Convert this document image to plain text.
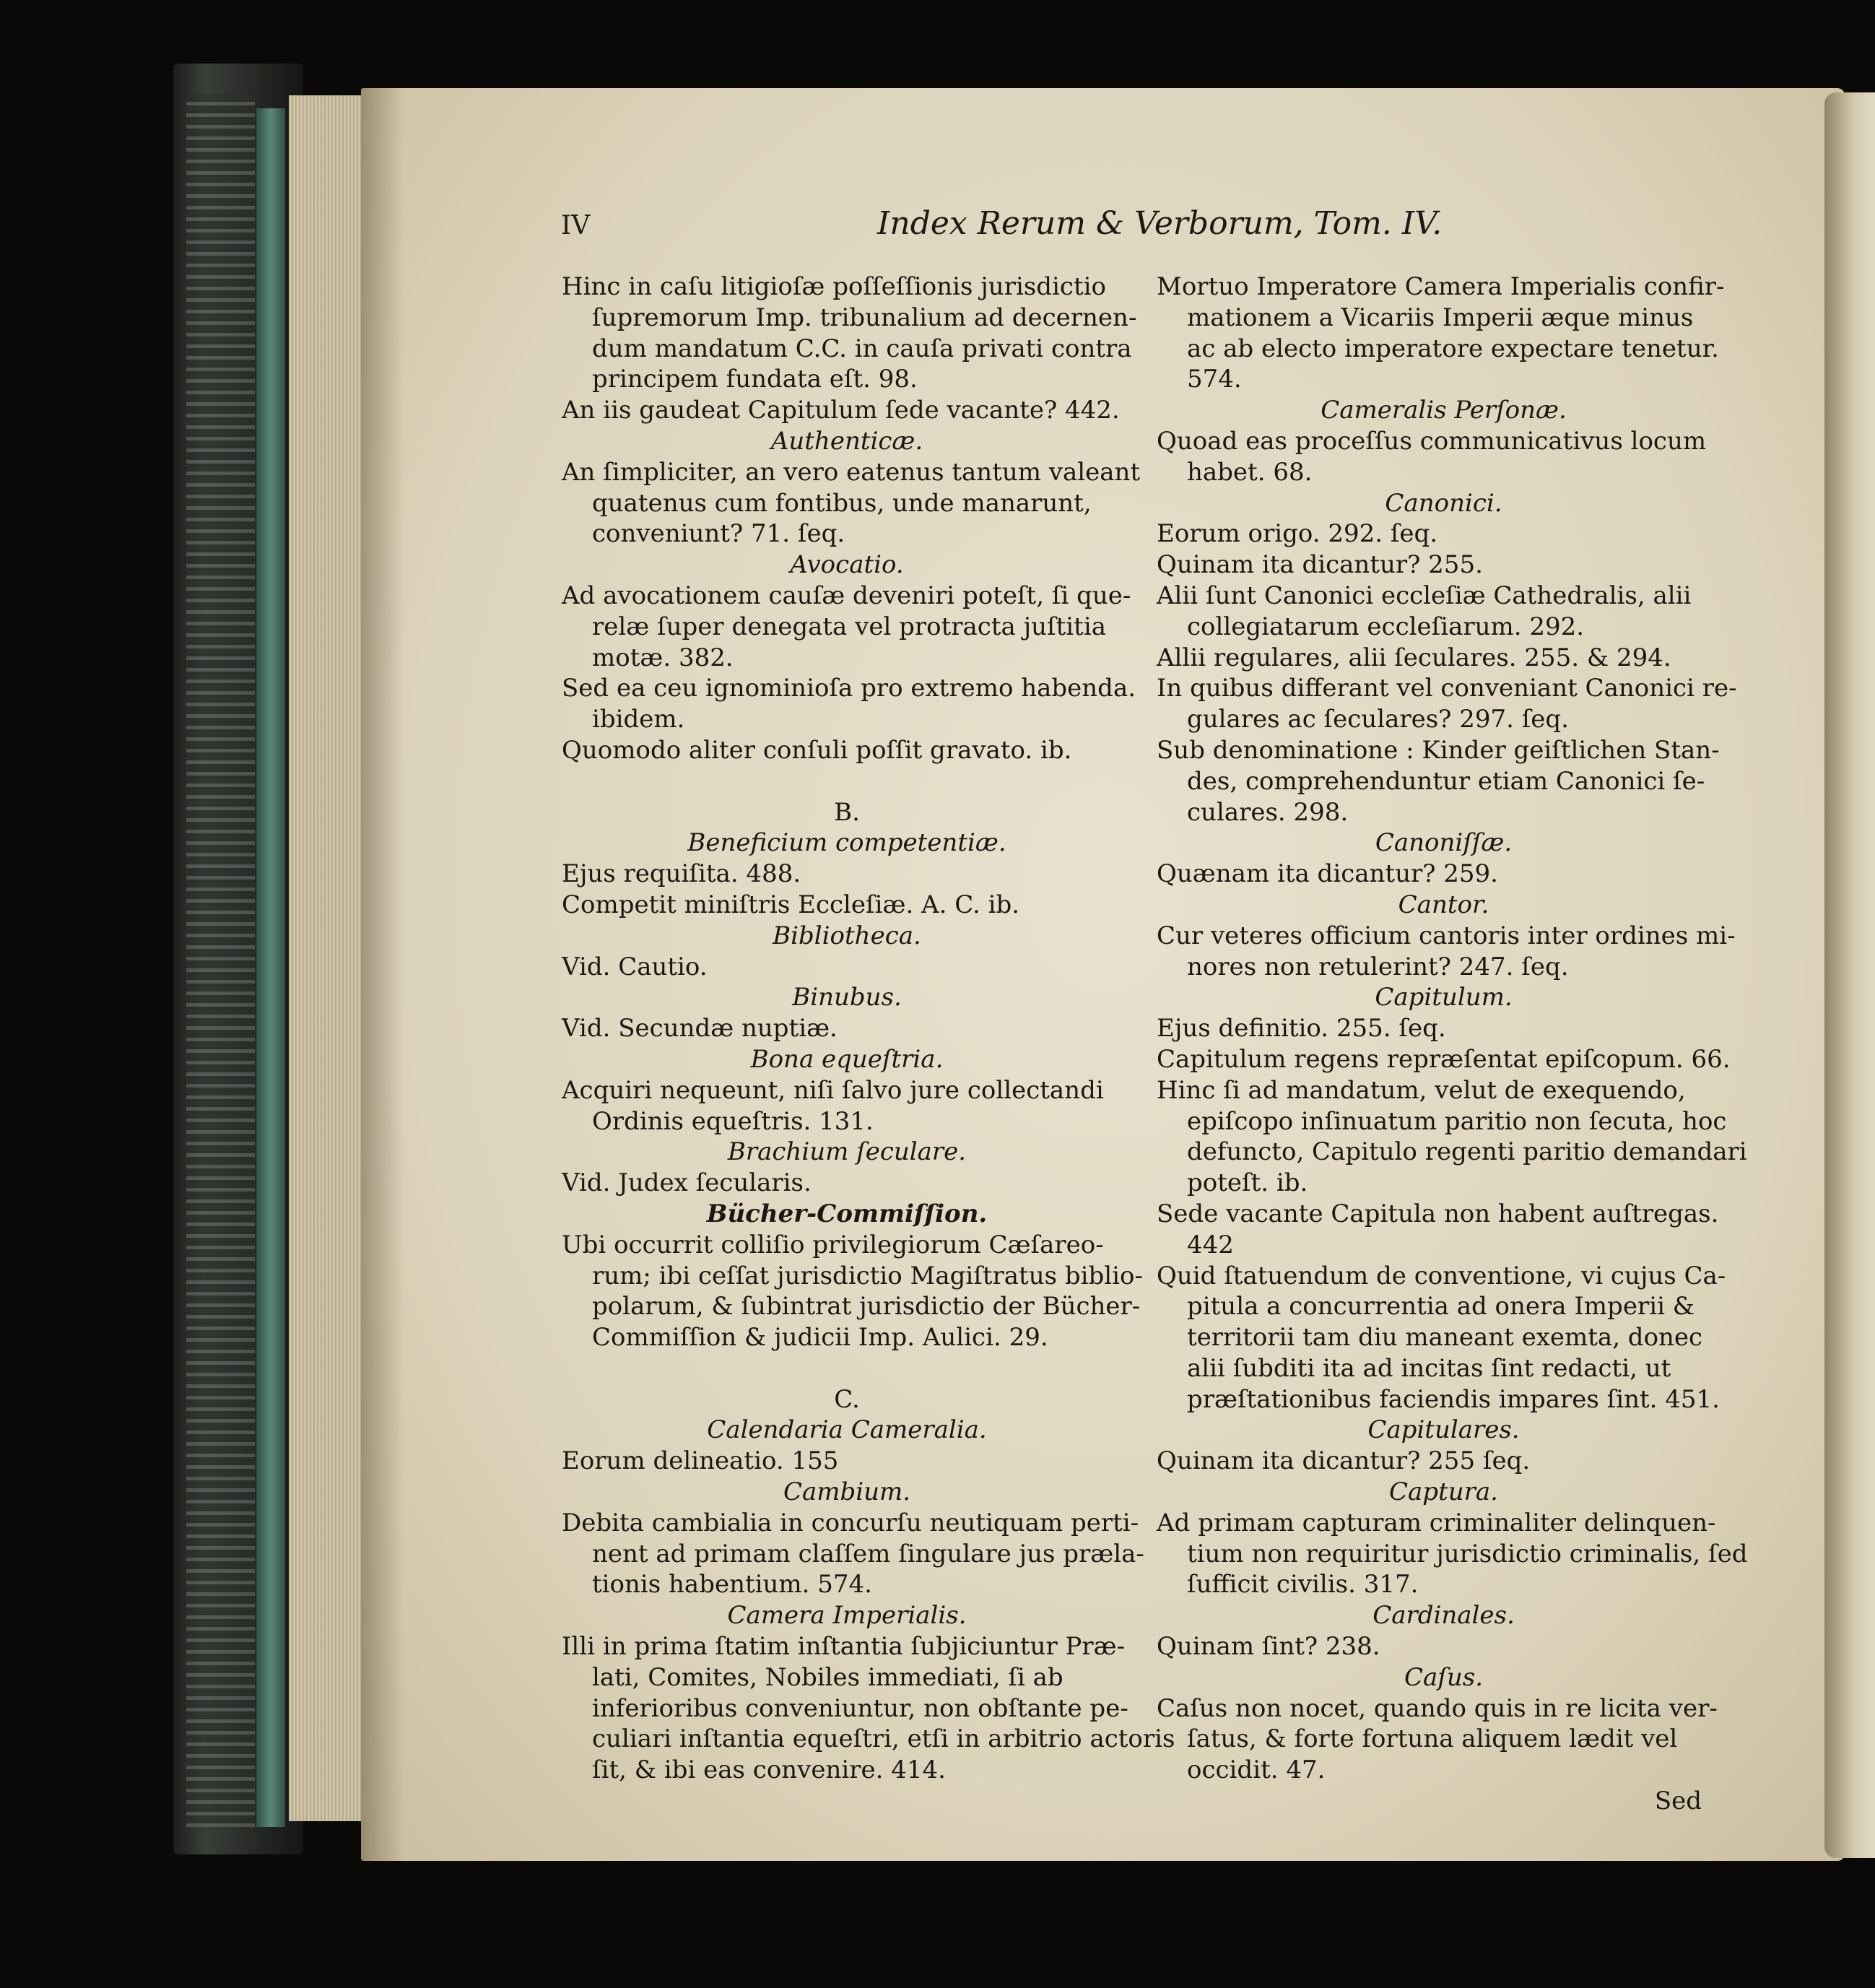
IV	Index Rerum & Verborum, Tom. IV.
Hinc in caſu litigioſæ poſſeſſionis jurisdictio
ſupremorum Imp. tribunalium ad decernen-
dum mandatum C.C. in cauſa privati contra
principem fundata eſt. 98.
An iis gaudeat Capitulum ſede vacante? 442.
Authenticæ.
An ſimpliciter, an vero eatenus tantum valeant
quatenus cum fontibus, unde manarunt,
conveniunt? 71. ſeq.
Avocatio.
Ad avocationem cauſæ deveniri poteſt, ſi que-
relæ ſuper denegata vel protracta juſtitia
motæ. 382.
Sed ea ceu ignominioſa pro extremo habenda.
ibidem.
Quomodo aliter conſuli poſſit gravato. ib.
B.
Beneficium competentiæ.
Ejus requiſita. 488.
Competit miniſtris Eccleſiæ. A. C. ib.
Bibliotheca.
Vid. Cautio.
Binubus.
Vid. Secundæ nuptiæ.
Bona equeſtria.
Acquiri nequeunt, niſi ſalvo jure collectandi
Ordinis equeſtris. 131.
Brachium ſeculare.
Vid. Judex ſecularis.
Bücher-Commiſſion.
Ubi occurrit colliſio privilegiorum Cæſareo-
rum; ibi ceſſat jurisdictio Magiſtratus biblio-
polarum, & ſubintrat jurisdictio der Bücher-
Commiſſion & judicii Imp. Aulici. 29.
C.
Calendaria Cameralia.
Eorum delineatio. 155
Cambium.
Debita cambialia in concurſu neutiquam perti-
nent ad primam claſſem ſingulare jus præla-
tionis habentium. 574.
Camera Imperialis.
Illi in prima ſtatim inſtantia ſubjiciuntur Præ-
lati, Comites, Nobiles immediati, ſi ab
inferioribus conveniuntur, non obſtante pe-
culiari inſtantia equeſtri, etſi in arbitrio actoris
ſit, & ibi eas convenire. 414.
Mortuo Imperatore Camera Imperialis confir-
mationem a Vicariis Imperii æque minus
ac ab electo imperatore expectare tenetur.
574.
Cameralis Perſonæ.
Quoad eas proceſſus communicativus locum
habet. 68.
Canonici.
Eorum origo. 292. ſeq.
Quinam ita dicantur? 255.
Alii ſunt Canonici eccleſiæ Cathedralis, alii
collegiatarum eccleſiarum. 292.
Allii regulares, alii ſeculares. 255. & 294.
In quibus differant vel conveniant Canonici re-
gulares ac ſeculares? 297. ſeq.
Sub denominatione : Kinder geiſtlichen Stan-
des, comprehenduntur etiam Canonici ſe-
culares. 298.
Canoniſſæ.
Quænam ita dicantur? 259.
Cantor.
Cur veteres officium cantoris inter ordines mi-
nores non retulerint? 247. ſeq.
Capitulum.
Ejus definitio. 255. ſeq.
Capitulum regens repræſentat epiſcopum. 66.
Hinc ſi ad mandatum, velut de exequendo,
epiſcopo inſinuatum paritio non ſecuta, hoc
defuncto, Capitulo regenti paritio demandari
poteſt. ib.
Sede vacante Capitula non habent auſtregas.
442
Quid ſtatuendum de conventione, vi cujus Ca-
pitula a concurrentia ad onera Imperii &
territorii tam diu maneant exemta, donec
alii ſubditi ita ad incitas ſint redacti, ut
præſtationibus faciendis impares ſint. 451.
Capitulares.
Quinam ita dicantur? 255 ſeq.
Captura.
Ad primam capturam criminaliter delinquen-
tium non requiritur jurisdictio criminalis, ſed
ſufficit civilis. 317.
Cardinales.
Quinam ſint? 238.
Caſus.
Caſus non nocet, quando quis in re licita ver-
ſatus, & forte fortuna aliquem lædit vel
occidit. 47.
Sed
